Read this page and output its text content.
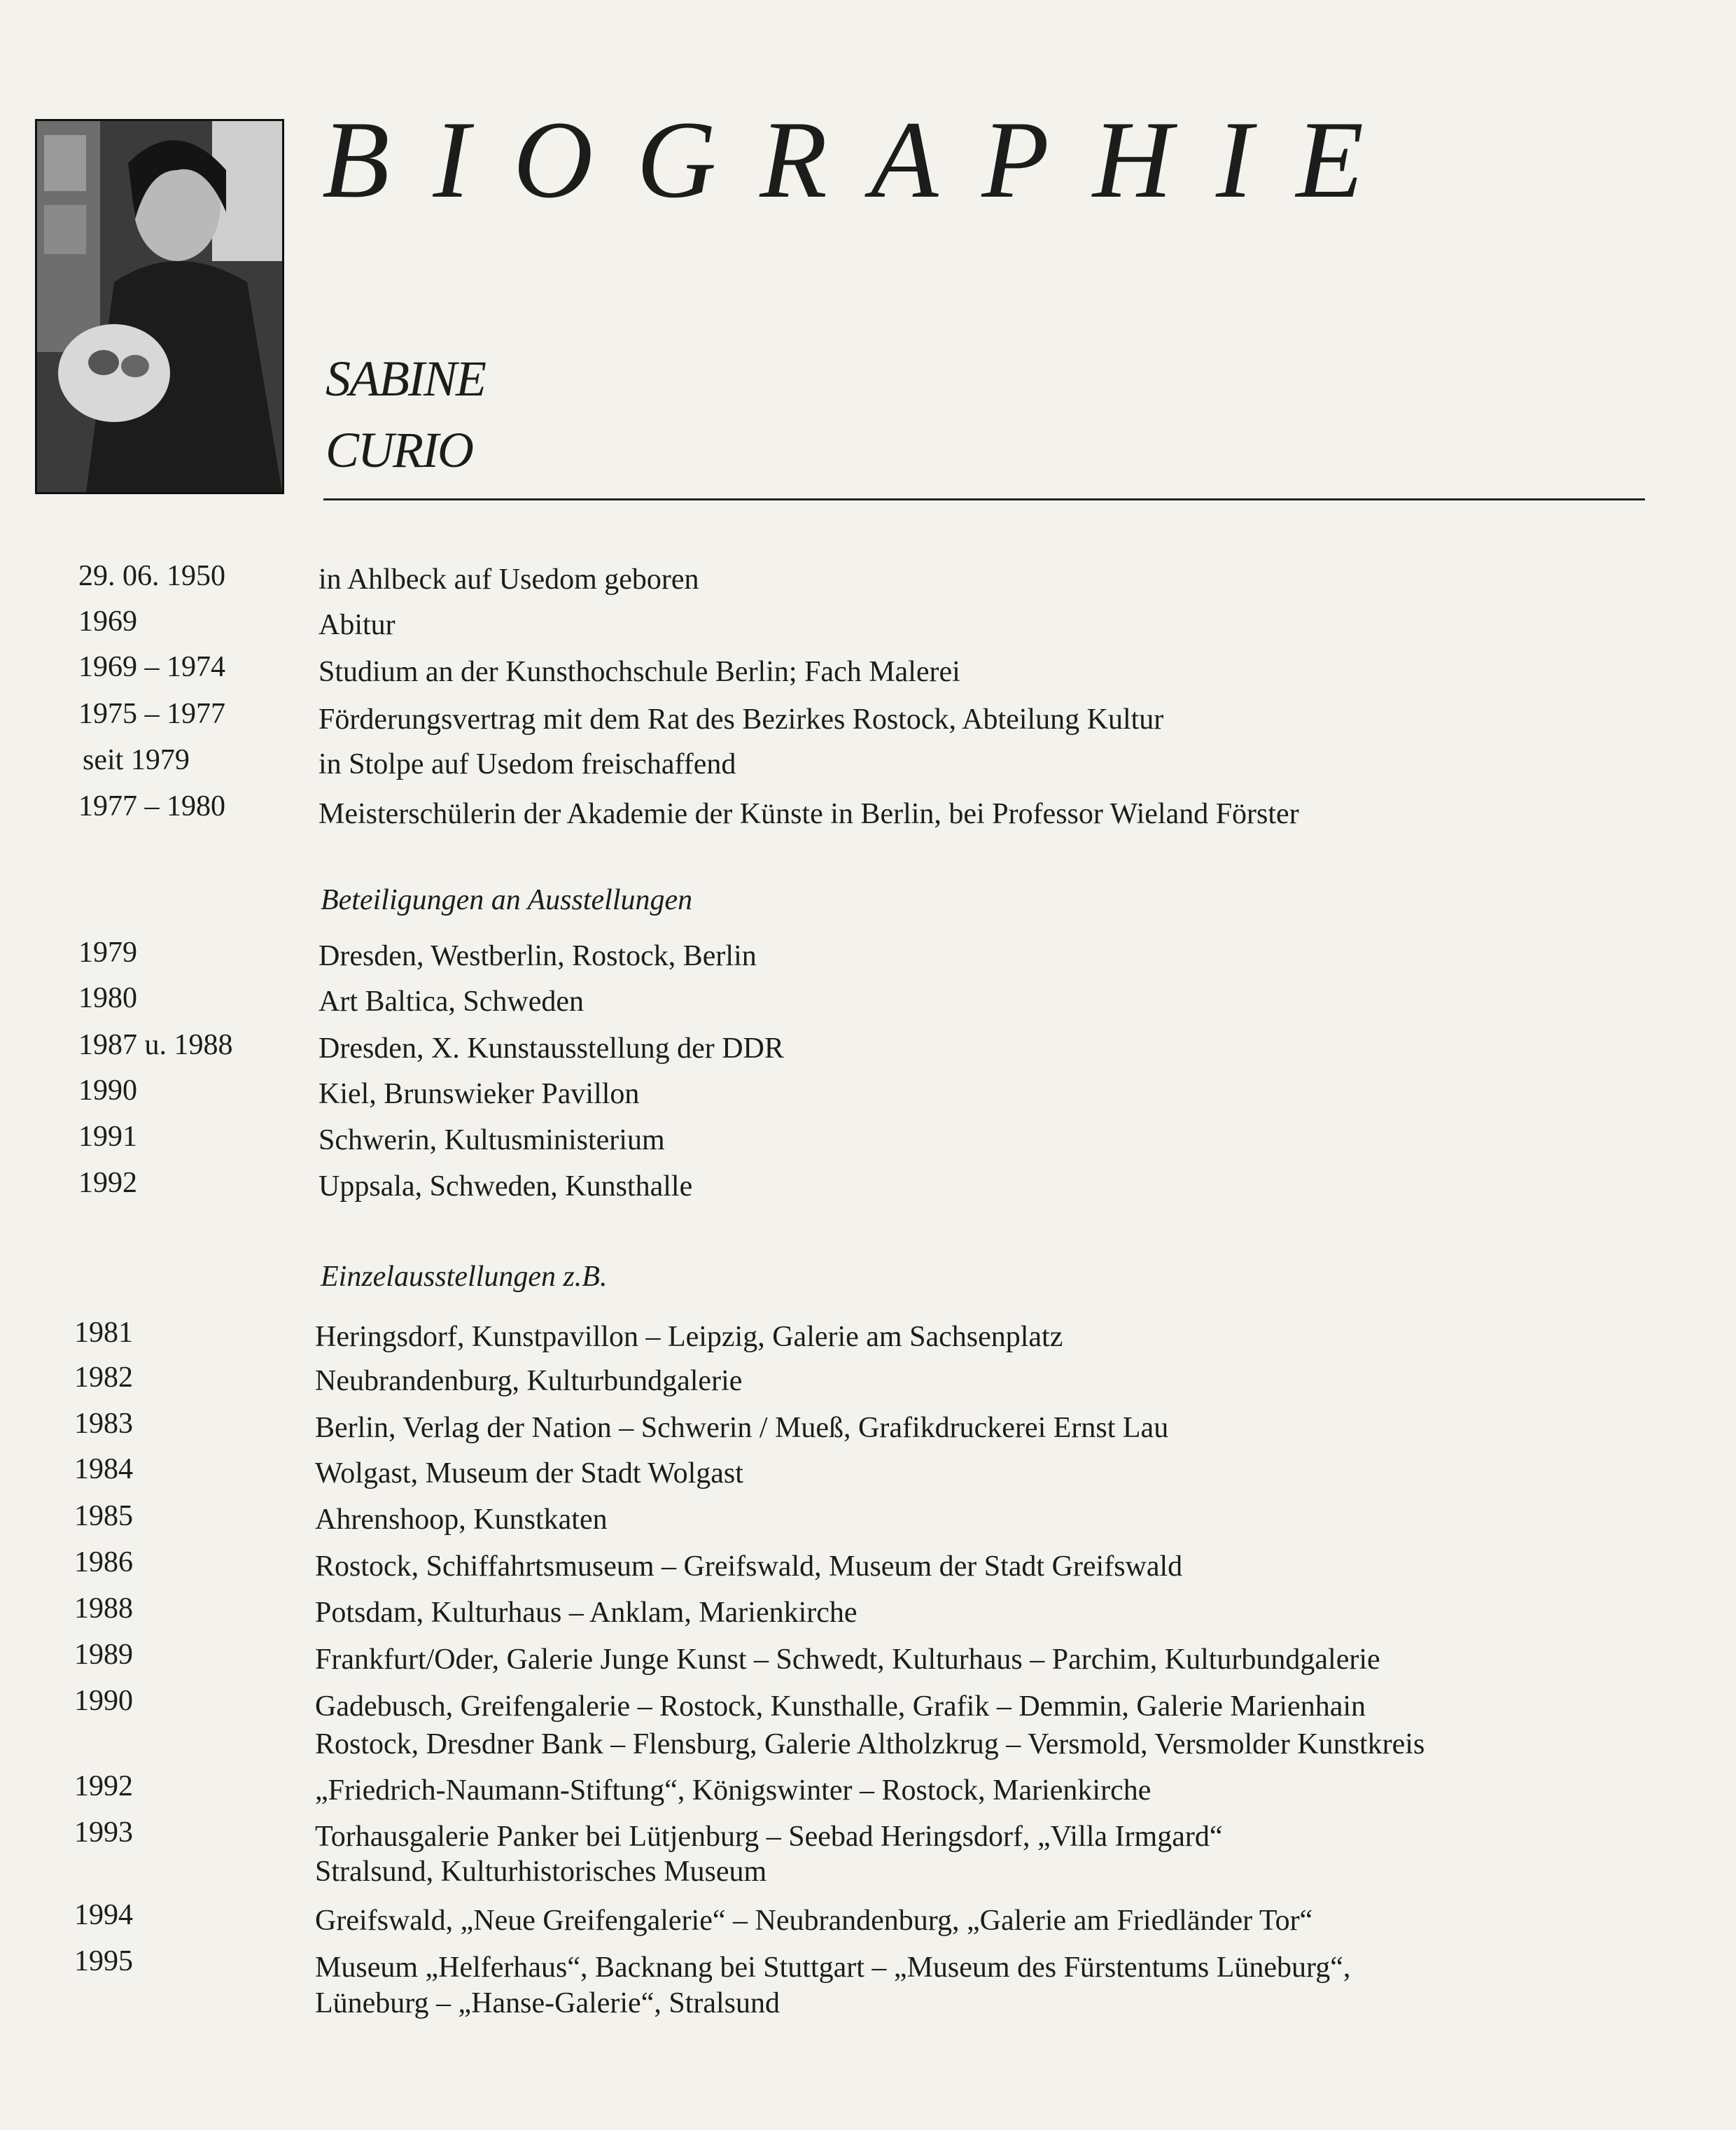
BIOGRAPHIE
SABINE
CURIO
29. 06. 1950	in Ahlbeck auf Usedom geboren
1969	Abitur
1969 – 1974	Studium an der Kunsthochschule Berlin; Fach Malerei
1975 – 1977	Förderungsvertrag mit dem Rat des Bezirkes Rostock, Abteilung Kultur
seit 1979	in Stolpe auf Usedom freischaffend
1977 – 1980	Meisterschülerin der Akademie der Künste in Berlin, bei Professor Wieland Förster
Beteiligungen an Ausstellungen
1979	Dresden, Westberlin, Rostock, Berlin
1980	Art Baltica, Schweden
1987 u. 1988	Dresden, X. Kunstausstellung der DDR
1990	Kiel, Brunswieker Pavillon
1991	Schwerin, Kultusministerium
1992	Uppsala, Schweden, Kunsthalle
Einzelausstellungen z.B.
1981	Heringsdorf, Kunstpavillon – Leipzig, Galerie am Sachsenplatz
1982	Neubrandenburg, Kulturbundgalerie
1983	Berlin, Verlag der Nation – Schwerin / Mueß, Grafikdruckerei Ernst Lau
1984	Wolgast, Museum der Stadt Wolgast
1985	Ahrenshoop, Kunstkaten
1986	Rostock, Schiffahrtsmuseum – Greifswald, Museum der Stadt Greifswald
1988	Potsdam, Kulturhaus – Anklam, Marienkirche
1989	Frankfurt/Oder, Galerie Junge Kunst – Schwedt, Kulturhaus – Parchim, Kulturbundgalerie
1990	Gadebusch, Greifengalerie – Rostock, Kunsthalle, Grafik – Demmin, Galerie Marienhain
Rostock, Dresdner Bank – Flensburg, Galerie Altholzkrug – Versmold, Versmolder Kunstkreis
1992	„Friedrich-Naumann-Stiftung“, Königswinter – Rostock, Marienkirche
1993	Torhausgalerie Panker bei Lütjenburg – Seebad Heringsdorf, „Villa Irmgard“
Stralsund, Kulturhistorisches Museum
1994	Greifswald, „Neue Greifengalerie“ – Neubrandenburg, „Galerie am Friedländer Tor“
1995	Museum „Helferhaus“, Backnang bei Stuttgart – „Museum des Fürstentums Lüneburg“,
Lüneburg – „Hanse-Galerie“, Stralsund
